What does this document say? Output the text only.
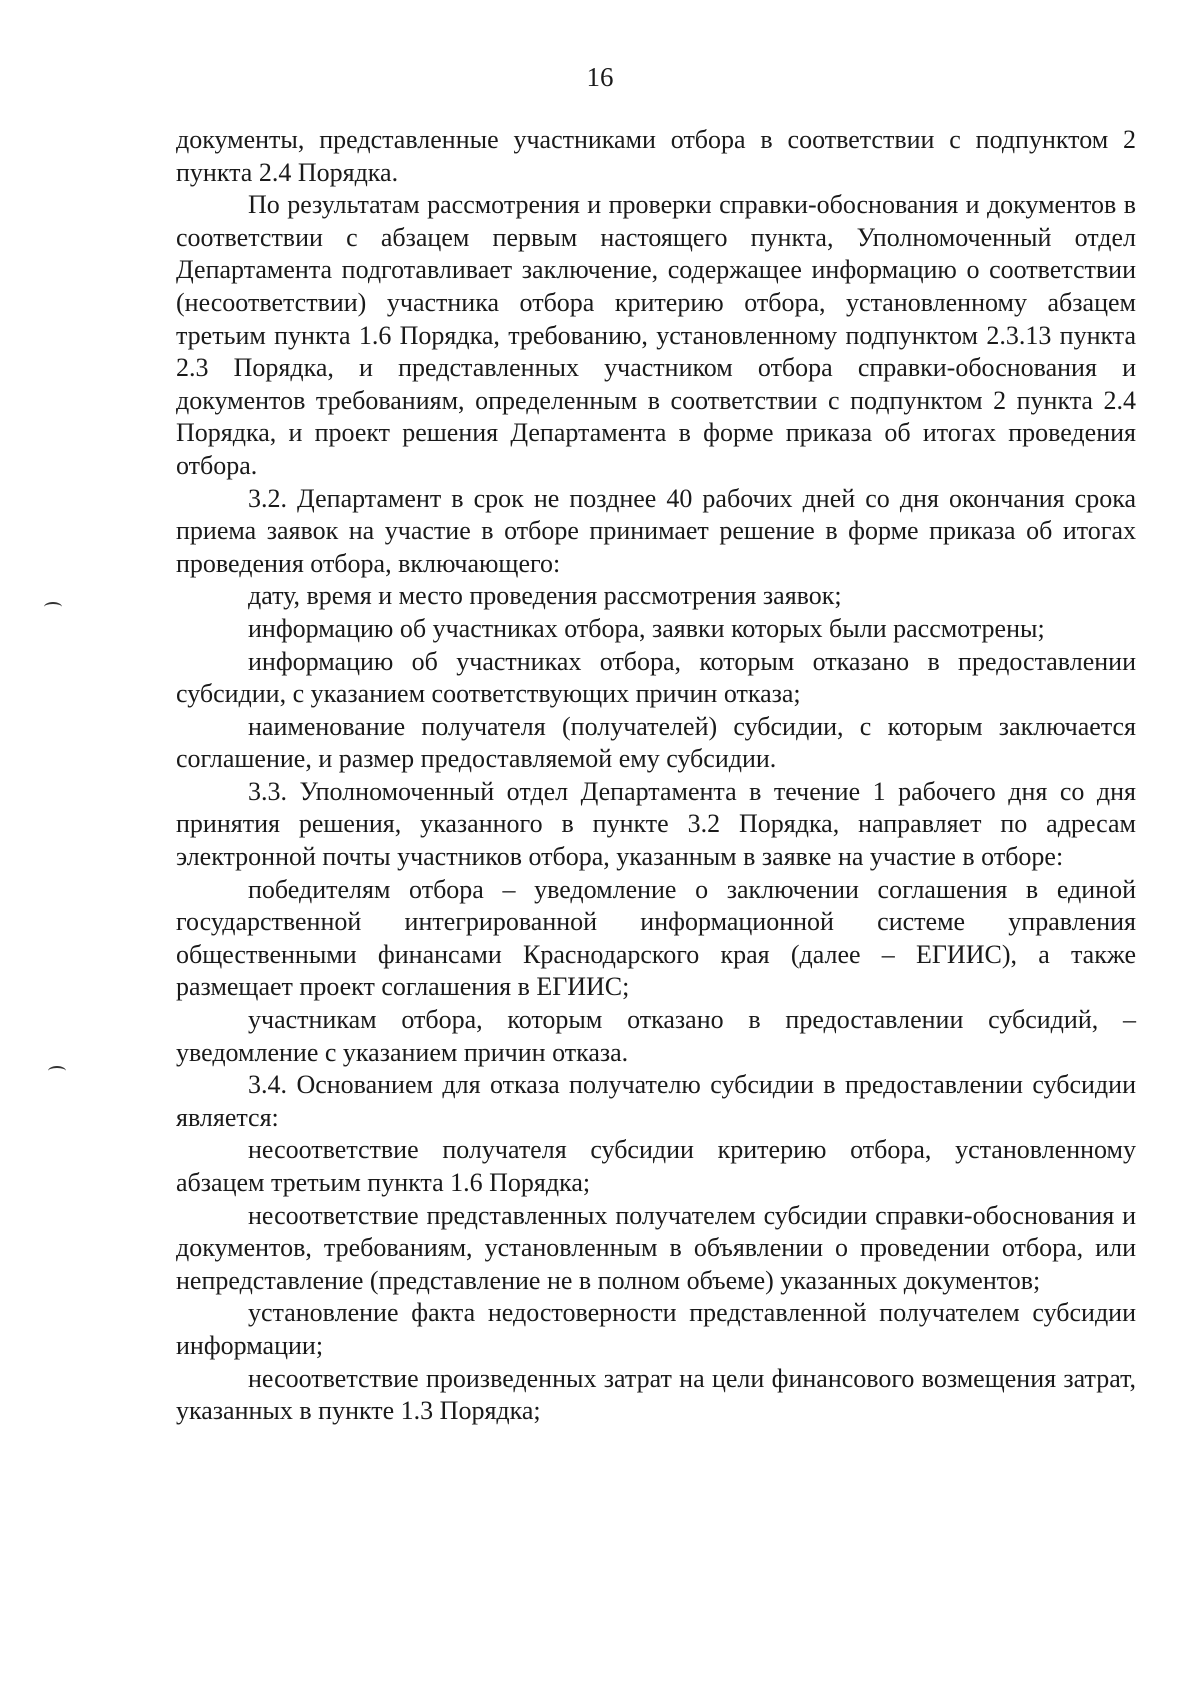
16

документы, представленные участниками отбора в соответствии с подпунктом 2 пункта 2.4 Порядка.

По результатам рассмотрения и проверки справки-обоснования и документов в соответствии с абзацем первым настоящего пункта, Уполномоченный отдел Департамента подготавливает заключение, содержащее информацию о соответствии (несоответствии) участника отбора критерию отбора, установленному абзацем третьим пункта 1.6 Порядка, требованию, установленному подпунктом 2.3.13 пункта 2.3 Порядка, и представленных участником отбора справки-обоснования и документов требованиям, определенным в соответствии с подпунктом 2 пункта 2.4 Порядка, и проект решения Департамента в форме приказа об итогах проведения отбора.

3.2. Департамент в срок не позднее 40 рабочих дней со дня окончания срока приема заявок на участие в отборе принимает решение в форме приказа об итогах проведения отбора, включающего:

дату, время и место проведения рассмотрения заявок;

информацию об участниках отбора, заявки которых были рассмотрены;

информацию об участниках отбора, которым отказано в предоставлении субсидии, с указанием соответствующих причин отказа;

наименование получателя (получателей) субсидии, с которым заключается соглашение, и размер предоставляемой ему субсидии.

3.3. Уполномоченный отдел Департамента в течение 1 рабочего дня со дня принятия решения, указанного в пункте 3.2 Порядка, направляет по адресам электронной почты участников отбора, указанным в заявке на участие в отборе:

победителям отбора – уведомление о заключении соглашения в единой государственной интегрированной информационной системе управления общественными финансами Краснодарского края (далее – ЕГИИС), а также размещает проект соглашения в ЕГИИС;

участникам отбора, которым отказано в предоставлении субсидий, – уведомление с указанием причин отказа.

3.4. Основанием для отказа получателю субсидии в предоставлении субсидии является:

несоответствие получателя субсидии критерию отбора, установленному абзацем третьим пункта 1.6 Порядка;

несоответствие представленных получателем субсидии справки-обоснования и документов, требованиям, установленным в объявлении о проведении отбора, или непредставление (представление не в полном объеме) указанных документов;

установление факта недостоверности представленной получателем субсидии информации;

несоответствие произведенных затрат на цели финансового возмещения затрат, указанных в пункте 1.3 Порядка;
